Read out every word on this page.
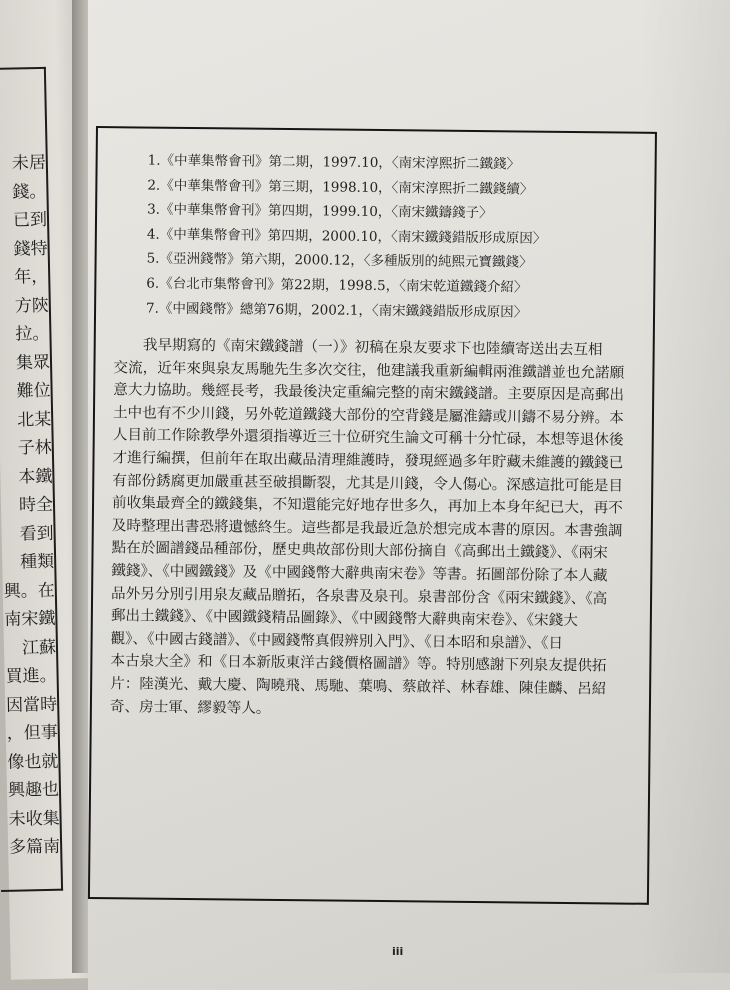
未居
錢。
已到
錢特
年，
方陝
拉。
集眾
難位
北某
子林
本鐵
時全
看到
種類
興。在
南宋鐵
江蘇
買進。
因當時
，但事
像也就
興趣也
未收集
多篇南
1.《中華集幣會刊》第二期，1997.10，〈南宋淳熙折二鐵錢〉
2.《中華集幣會刊》第三期，1998.10，〈南宋淳熙折二鐵錢續〉
3.《中華集幣會刊》第四期，1999.10，〈南宋鐵鑄錢子〉
4.《中華集幣會刊》第四期，2000.10，〈南宋鐵錢錯版形成原因〉
5.《亞洲錢幣》第六期，2000.12，〈多種版別的純熙元寶鐵錢〉
6.《台北市集幣會刊》第22期，1998.5，〈南宋乾道鐵錢介紹〉
7.《中國錢幣》總第76期，2002.1，〈南宋鐵錢錯版形成原因〉
　　我早期寫的《南宋鐵錢譜（一）》初稿在泉友要求下也陸續寄送出去互相
交流，近年來與泉友馬馳先生多次交往，他建議我重新編輯兩淮鐵譜並也允諾願
意大力協助。幾經長考，我最後決定重編完整的南宋鐵錢譜。主要原因是高郵出
土中也有不少川錢，另外乾道鐵錢大部份的空背錢是屬淮鑄或川鑄不易分辨。本
人目前工作除教學外還須指導近三十位研究生論文可稱十分忙碌，本想等退休後
才進行編撰，但前年在取出藏品清理維護時，發現經過多年貯藏未維護的鐵錢已
有部份銹腐更加嚴重甚至破損斷裂，尤其是川錢，令人傷心。深感這批可能是目
前收集最齊全的鐵錢集，不知還能完好地存世多久，再加上本身年紀已大，再不
及時整理出書恐將遺憾終生。這些都是我最近急於想完成本書的原因。本書強調
點在於圖譜錢品種部份，歷史典故部份則大部份摘自《高郵出土鐵錢》、《兩宋
鐵錢》、《中國鐵錢》及《中國錢幣大辭典南宋卷》等書。拓圖部份除了本人藏
品外另分別引用泉友藏品贈拓，各泉書及泉刊。泉書部份含《兩宋鐵錢》、《高
郵出土鐵錢》、《中國鐵錢精品圖錄》、《中國錢幣大辭典南宋卷》、《宋錢大
觀》、《中國古錢譜》、《中國錢幣真假辨別入門》、《日本昭和泉譜》、《日
本古泉大全》和《日本新版東洋古錢價格圖譜》等。特別感謝下列泉友提供拓
片：陸漢光、戴大慶、陶曉飛、馬馳、葉鳴、蔡啟祥、林春雄、陳佳麟、呂紹
奇、房士軍、繆毅等人。
iii
